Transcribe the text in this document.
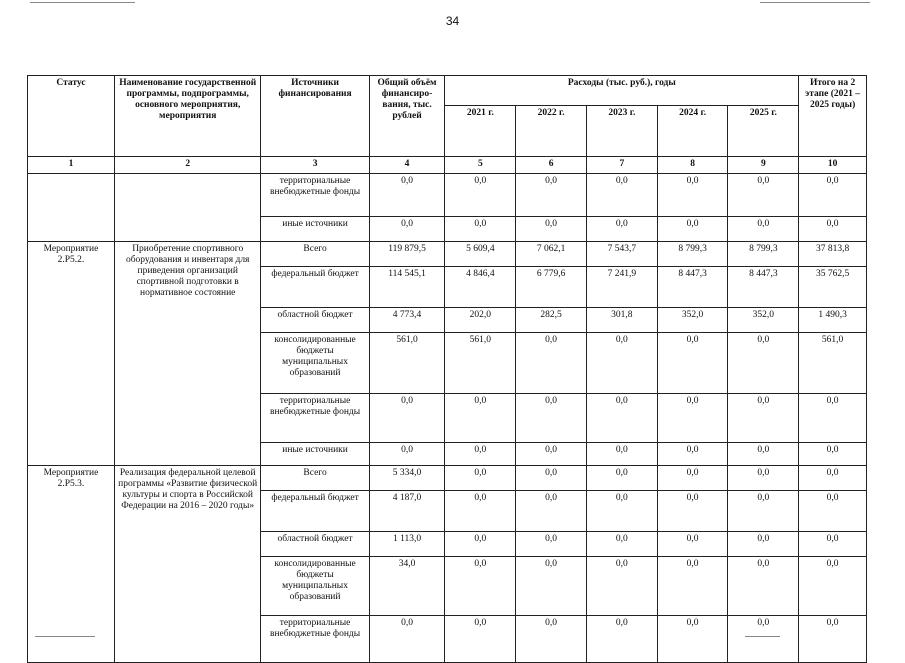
34
Статус	Наименование государственной программы, подпрограммы, основного мероприятия, мероприятия	Источники финансирования	Общий объём финансиро- вания, тыс. рублей	Расходы (тыс. руб.), годы					Итого на 2 этапе (2021 – 2025 годы)
				2021 г.	2022 г.	2023 г.	2024 г.	2025 г.	
1	2	3	4	5	6	7	8	9	10
		территориальные внебюджетные фонды	0,0	0,0	0,0	0,0	0,0	0,0	0,0
		иные источники	0,0	0,0	0,0	0,0	0,0	0,0	0,0
Мероприятие 2.Р5.2.	Приобретение спортивного оборудования и инвентаря для приведения организаций спортивной подготовки в нормативное состояние	Всего	119 879,5	5 609,4	7 062,1	7 543,7	8 799,3	8 799,3	37 813,8
		федеральный бюджет	114 545,1	4 846,4	6 779,6	7 241,9	8 447,3	8 447,3	35 762,5
		областной бюджет	4 773,4	202,0	282,5	301,8	352,0	352,0	1 490,3
		консолидированные бюджеты муниципальных образований	561,0	561,0	0,0	0,0	0,0	0,0	561,0
		территориальные внебюджетные фонды	0,0	0,0	0,0	0,0	0,0	0,0	0,0
		иные источники	0,0	0,0	0,0	0,0	0,0	0,0	0,0
Мероприятие 2.Р5.3.	Реализация федеральной целевой программы «Развитие физической культуры и спорта в Российской Федерации на 2016 – 2020 годы»	Всего	5 334,0	0,0	0,0	0,0	0,0	0,0	0,0
		федеральный бюджет	4 187,0	0,0	0,0	0,0	0,0	0,0	0,0
		областной бюджет	1 113,0	0,0	0,0	0,0	0,0	0,0	0,0
		консолидированные бюджеты муниципальных образований	34,0	0,0	0,0	0,0	0,0	0,0	0,0
		территориальные внебюджетные фонды	0,0	0,0	0,0	0,0	0,0	0,0	0,0
